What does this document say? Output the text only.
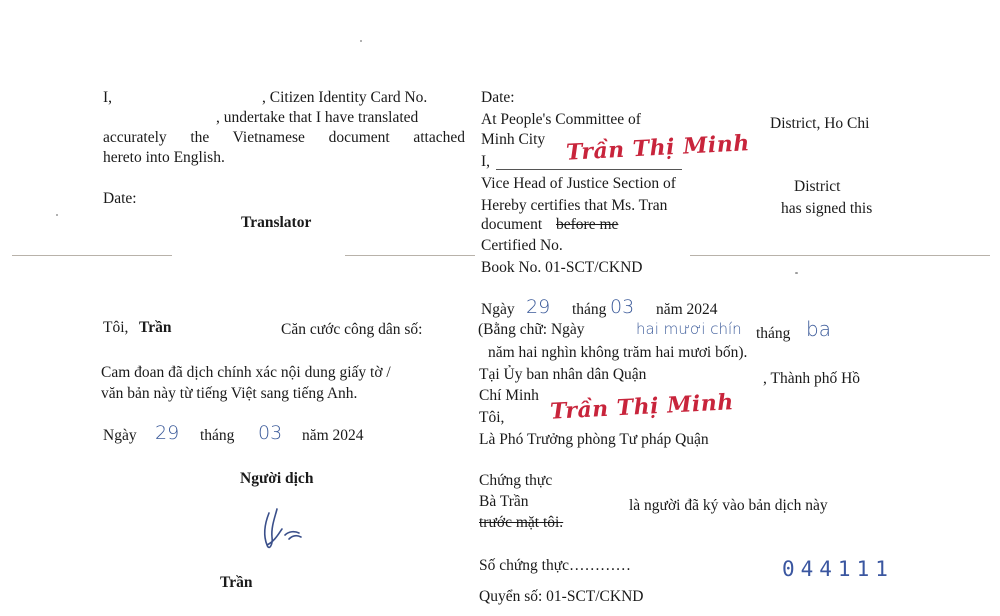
I,	, Citizen Identity Card No.
, undertake that I have translated
accurately the Vietnamese document attached
hereto into English.
Date:
Translator
Date:
At People's Committee of	District, Ho Chi
Minh City
I,	Trần Thị Minh
Vice Head of Justice Section of	District
Hereby certifies that Ms. Tran	has signed this
document before me
Certified No.
Book No. 01-SCT/CKND
Tôi, Trần	Căn cước công dân số:
Cam đoan đã dịch chính xác nội dung giấy tờ /
văn bản này từ tiếng Việt sang tiếng Anh.
Ngày 29 tháng 03 năm 2024
Người dịch
Trần
Ngày 29 tháng 03 năm 2024
(Bằng chữ: Ngày	hai mươi chín tháng ba
năm hai nghìn không trăm hai mươi bốn).
Tại Ủy ban nhân dân Quận	, Thành phố Hồ
Chí Minh
Tôi, Trần Thị Minh
Là Phó Trưởng phòng Tư pháp Quận
Chứng thực
Bà Trần	là người đã ký vào bản dịch này
trước mặt tôi.
Số chứng thực…………	044111
Quyển số: 01-SCT/CKND
